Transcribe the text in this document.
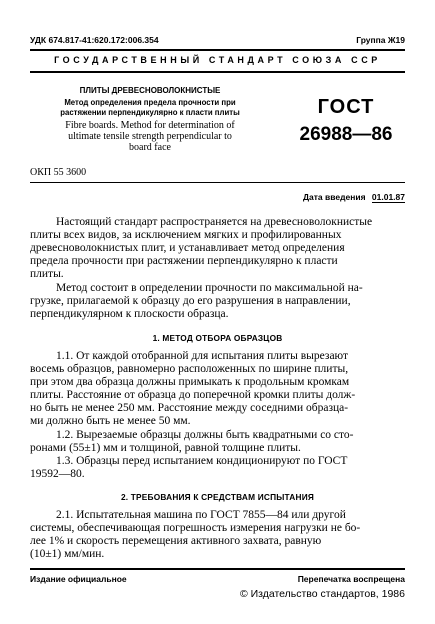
УДК 674.817-41:620.172:006.354	Группа Ж19
ГОСУДАРСТВЕННЫЙ СТАНДАРТ СОЮЗА ССР
ПЛИТЫ ДРЕВЕСНОВОЛОКНИСТЫЕ
Метод определения предела прочности при
растяжении перпендикулярно к пласти плиты
Fibre boards. Method for determination of
ultimate tensile strength perpendicular to
board face
ГОСТ
26988—86
ОКП 55 3600
Дата введения 01.01.87
Настоящий стандарт распространяется на древесноволокнистые
плиты всех видов, за исключением мягких и профилированных
древесноволокнистых плит, и устанавливает метод определения
предела прочности при растяжении перпендикулярно к пласти
плиты.
Метод состоит в определении прочности по максимальной на-
грузке, прилагаемой к образцу до его разрушения в направлении,
перпендикулярном к плоскости образца.
1. МЕТОД ОТБОРА ОБРАЗЦОВ
1.1. От каждой отобранной для испытания плиты вырезают
восемь образцов, равномерно расположенных по ширине плиты,
при этом два образца должны примыкать к продольным кромкам
плиты. Расстояние от образца до поперечной кромки плиты долж-
но быть не менее 250 мм. Расстояние между соседними образца-
ми должно быть не менее 50 мм.
1.2. Вырезаемые образцы должны быть квадратными со сто-
ронами (55±1) мм и толщиной, равной толщине плиты.
1.3. Образцы перед испытанием кондиционируют по ГОСТ
19592—80.
2. ТРЕБОВАНИЯ К СРЕДСТВАМ ИСПЫТАНИЯ
2.1. Испытательная машина по ГОСТ 7855—84 или другой
системы, обеспечивающая погрешность измерения нагрузки не бо-
лее 1% и скорость перемещения активного захвата, равную
(10±1) мм/мин.
Издание официальное	Перепечатка воспрещена
© Издательство стандартов, 1986
